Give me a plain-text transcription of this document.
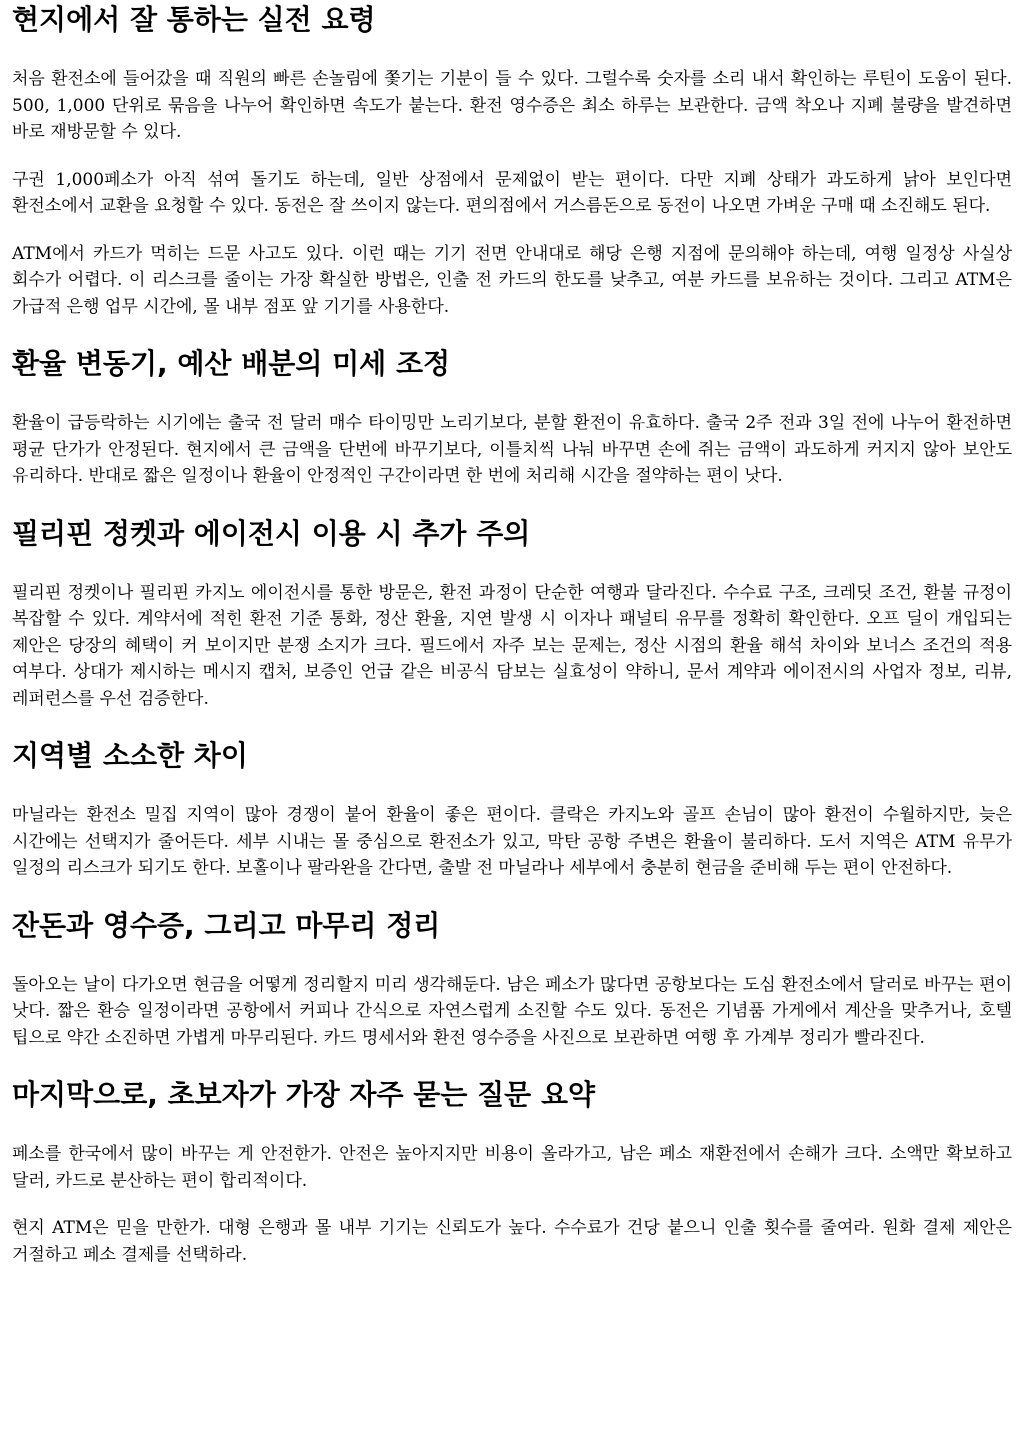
현지에서 잘 통하는 실전 요령

처음 환전소에 들어갔을 때 직원의 빠른 손놀림에 쫓기는 기분이 들 수 있다. 그럴수록 숫자를 소리 내서 확인하는 루틴이 도움이 된다. 500, 1,000 단위로 묶음을 나누어 확인하면 속도가 붙는다. 환전 영수증은 최소 하루는 보관한다. 금액 착오나 지폐 불량을 발견하면 바로 재방문할 수 있다.

구권 1,000페소가 아직 섞여 돌기도 하는데, 일반 상점에서 문제없이 받는 편이다. 다만 지폐 상태가 과도하게 낡아 보인다면 환전소에서 교환을 요청할 수 있다. 동전은 잘 쓰이지 않는다. 편의점에서 거스름돈으로 동전이 나오면 가벼운 구매 때 소진해도 된다.

ATM에서 카드가 먹히는 드문 사고도 있다. 이런 때는 기기 전면 안내대로 해당 은행 지점에 문의해야 하는데, 여행 일정상 사실상 회수가 어렵다. 이 리스크를 줄이는 가장 확실한 방법은, 인출 전 카드의 한도를 낮추고, 여분 카드를 보유하는 것이다. 그리고 ATM은 가급적 은행 업무 시간에, 몰 내부 점포 앞 기기를 사용한다.

환율 변동기, 예산 배분의 미세 조정

환율이 급등락하는 시기에는 출국 전 달러 매수 타이밍만 노리기보다, 분할 환전이 유효하다. 출국 2주 전과 3일 전에 나누어 환전하면 평균 단가가 안정된다. 현지에서 큰 금액을 단번에 바꾸기보다, 이틀치씩 나눠 바꾸면 손에 쥐는 금액이 과도하게 커지지 않아 보안도 유리하다. 반대로 짧은 일정이나 환율이 안정적인 구간이라면 한 번에 처리해 시간을 절약하는 편이 낫다.

필리핀 정켓과 에이전시 이용 시 추가 주의

필리핀 정켓이나 필리핀 카지노 에이전시를 통한 방문은, 환전 과정이 단순한 여행과 달라진다. 수수료 구조, 크레딧 조건, 환불 규정이 복잡할 수 있다. 계약서에 적힌 환전 기준 통화, 정산 환율, 지연 발생 시 이자나 패널티 유무를 정확히 확인한다. 오프 딜이 개입되는 제안은 당장의 혜택이 커 보이지만 분쟁 소지가 크다. 필드에서 자주 보는 문제는, 정산 시점의 환율 해석 차이와 보너스 조건의 적용 여부다. 상대가 제시하는 메시지 캡처, 보증인 언급 같은 비공식 담보는 실효성이 약하니, 문서 계약과 에이전시의 사업자 정보, 리뷰, 레퍼런스를 우선 검증한다.

지역별 소소한 차이

마닐라는 환전소 밀집 지역이 많아 경쟁이 붙어 환율이 좋은 편이다. 클락은 카지노와 골프 손님이 많아 환전이 수월하지만, 늦은 시간에는 선택지가 줄어든다. 세부 시내는 몰 중심으로 환전소가 있고, 막탄 공항 주변은 환율이 불리하다. 도서 지역은 ATM 유무가 일정의 리스크가 되기도 한다. 보홀이나 팔라완을 간다면, 출발 전 마닐라나 세부에서 충분히 현금을 준비해 두는 편이 안전하다.

잔돈과 영수증, 그리고 마무리 정리

돌아오는 날이 다가오면 현금을 어떻게 정리할지 미리 생각해둔다. 남은 페소가 많다면 공항보다는 도심 환전소에서 달러로 바꾸는 편이 낫다. 짧은 환승 일정이라면 공항에서 커피나 간식으로 자연스럽게 소진할 수도 있다. 동전은 기념품 가게에서 계산을 맞추거나, 호텔 팁으로 약간 소진하면 가볍게 마무리된다. 카드 명세서와 환전 영수증을 사진으로 보관하면 여행 후 가계부 정리가 빨라진다.

마지막으로, 초보자가 가장 자주 묻는 질문 요약

페소를 한국에서 많이 바꾸는 게 안전한가. 안전은 높아지지만 비용이 올라가고, 남은 페소 재환전에서 손해가 크다. 소액만 확보하고 달러, 카드로 분산하는 편이 합리적이다.

현지 ATM은 믿을 만한가. 대형 은행과 몰 내부 기기는 신뢰도가 높다. 수수료가 건당 붙으니 인출 횟수를 줄여라. 원화 결제 제안은 거절하고 페소 결제를 선택하라.
